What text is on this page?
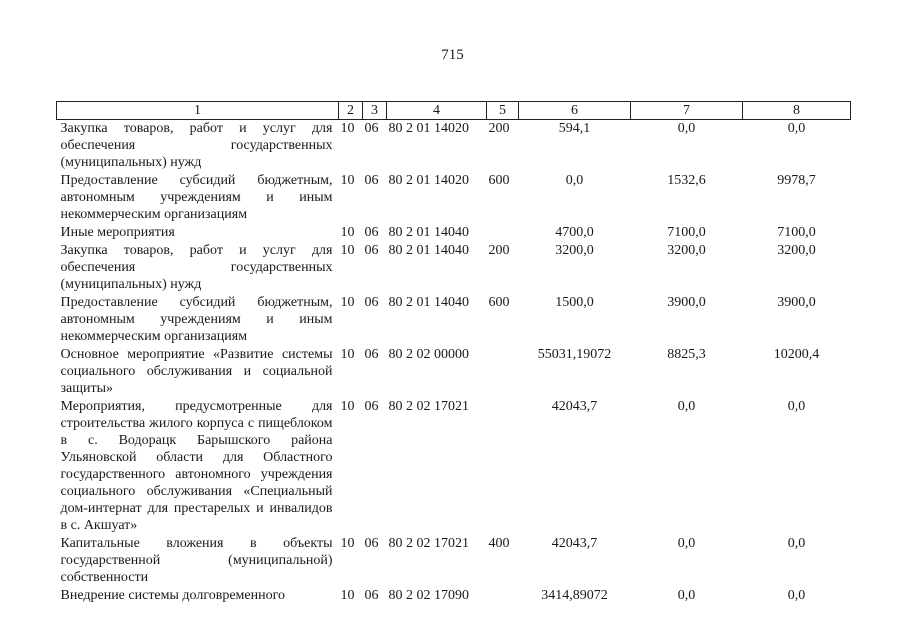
715
1	2	3	4	5	6	7	8
Закупка товаров, работ и услуг для обеспечения государственных (муниципальных) нужд	10	06	80 2 01 14020	200	594,1	0,0	0,0
Предоставление субсидий бюджетным, автономным учреждениям и иным некоммерческим организациям	10	06	80 2 01 14020	600	0,0	1532,6	9978,7
Иные мероприятия	10	06	80 2 01 14040		4700,0	7100,0	7100,0
Закупка товаров, работ и услуг для обеспечения государственных (муниципальных) нужд	10	06	80 2 01 14040	200	3200,0	3200,0	3200,0
Предоставление субсидий бюджетным, автономным учреждениям и иным некоммерческим организациям	10	06	80 2 01 14040	600	1500,0	3900,0	3900,0
Основное мероприятие «Развитие системы социального обслуживания и социальной защиты»	10	06	80 2 02 00000		55031,19072	8825,3	10200,4
Мероприятия, предусмотренные для строительства жилого корпуса с пищеблоком в с. Водорацк Барышского района Ульяновской области для Областного государственного автономного учреждения социального обслуживания «Специальный дом-интернат для престарелых и инвалидов в с. Акшуат»	10	06	80 2 02 17021		42043,7	0,0	0,0
Капитальные вложения в объекты государственной (муниципальной) собственности	10	06	80 2 02 17021	400	42043,7	0,0	0,0
Внедрение системы долговременного	10	06	80 2 02 17090		3414,89072	0,0	0,0
